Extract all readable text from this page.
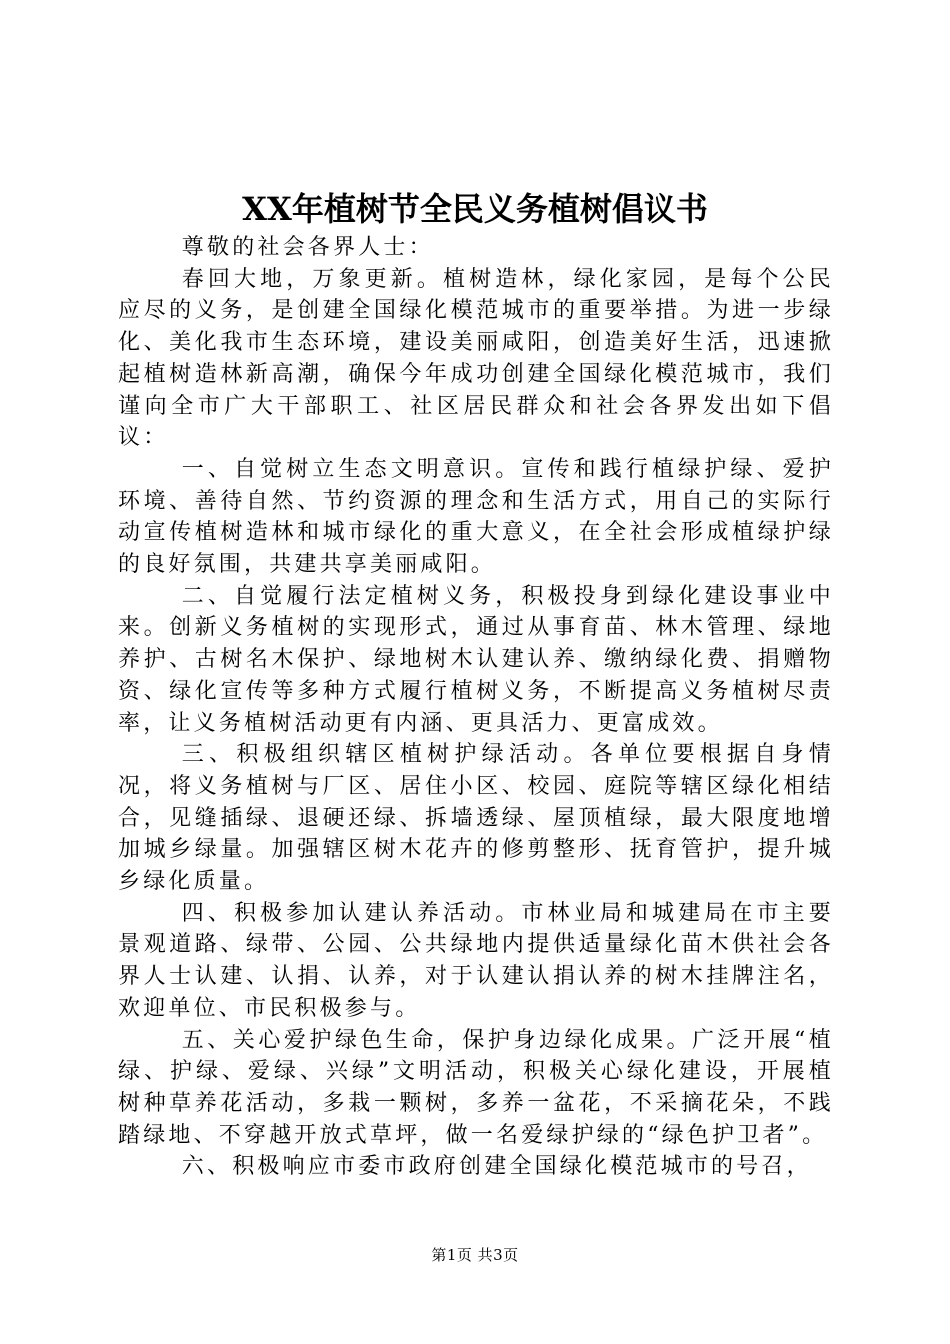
XX年植树节全民义务植树倡议书

尊敬的社会各界人士：

春回大地，万象更新。植树造林，绿化家园，是每个公民应尽的义务，是创建全国绿化模范城市的重要举措。为进一步绿化、美化我市生态环境，建设美丽咸阳，创造美好生活，迅速掀起植树造林新高潮，确保今年成功创建全国绿化模范城市，我们谨向全市广大干部职工、社区居民群众和社会各界发出如下倡议：

一、自觉树立生态文明意识。宣传和践行植绿护绿、爱护环境、善待自然、节约资源的理念和生活方式，用自己的实际行动宣传植树造林和城市绿化的重大意义，在全社会形成植绿护绿的良好氛围，共建共享美丽咸阳。

二、自觉履行法定植树义务，积极投身到绿化建设事业中来。创新义务植树的实现形式，通过从事育苗、林木管理、绿地养护、古树名木保护、绿地树木认建认养、缴纳绿化费、捐赠物资、绿化宣传等多种方式履行植树义务，不断提高义务植树尽责率，让义务植树活动更有内涵、更具活力、更富成效。

三、积极组织辖区植树护绿活动。各单位要根据自身情况，将义务植树与厂区、居住小区、校园、庭院等辖区绿化相结合，见缝插绿、退硬还绿、拆墙透绿、屋顶植绿，最大限度地增加城乡绿量。加强辖区树木花卉的修剪整形、抚育管护，提升城乡绿化质量。

四、积极参加认建认养活动。市林业局和城建局在市主要景观道路、绿带、公园、公共绿地内提供适量绿化苗木供社会各界人士认建、认捐、认养，对于认建认捐认养的树木挂牌注名，欢迎单位、市民积极参与。

五、关心爱护绿色生命，保护身边绿化成果。广泛开展“植绿、护绿、爱绿、兴绿”文明活动，积极关心绿化建设，开展植树种草养花活动，多栽一颗树，多养一盆花，不采摘花朵，不践踏绿地、不穿越开放式草坪，做一名爱绿护绿的“绿色护卫者”。

六、积极响应市委市政府创建全国绿化模范城市的号召，

第1页 共3页
